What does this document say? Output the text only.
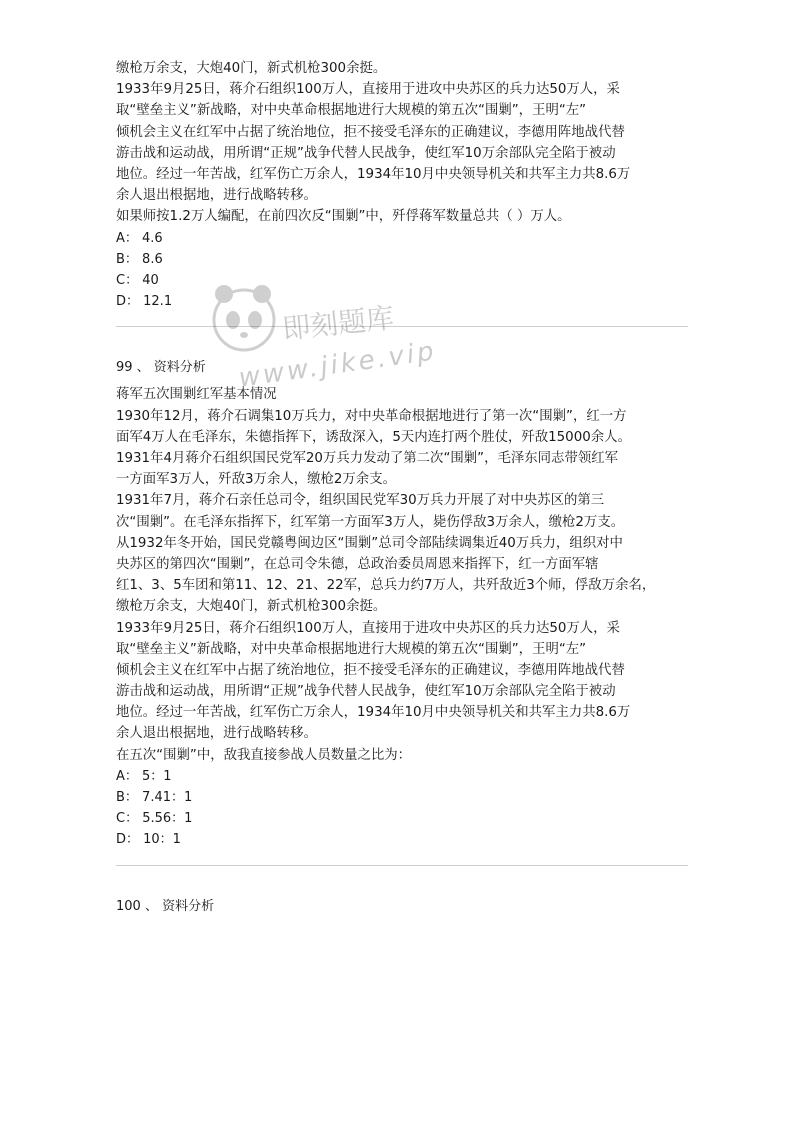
缴枪万余支，大炮40门，新式机枪300余挺。
1933年9月25日，蒋介石组织100万人，直接用于进攻中央苏区的兵力达50万人，采
取“壁垒主义”新战略，对中央革命根据地进行大规模的第五次“围剿”，王明“左”
倾机会主义在红军中占据了统治地位，拒不接受毛泽东的正确建议，李德用阵地战代替
游击战和运动战，用所谓“正规”战争代替人民战争，使红军10万余部队完全陷于被动
地位。经过一年苦战，红军伤亡万余人，1934年10月中央领导机关和共军主力共8.6万
余人退出根据地，进行战略转移。
如果师按1.2万人编配，在前四次反“围剿”中，歼俘蒋军数量总共（ ）万人。
A： 4.6
B： 8.6
C： 40
D： 12.1
99 、 资料分析
蒋军五次围剿红军基本情况
1930年12月，蒋介石调集10万兵力，对中央革命根据地进行了第一次“围剿”，红一方
面军4万人在毛泽东，朱德指挥下，诱敌深入，5天内连打两个胜仗，歼敌15000余人。
1931年4月蒋介石组织国民党军20万兵力发动了第二次“围剿”，毛泽东同志带领红军
一方面军3万人，歼敌3万余人，缴枪2万余支。
1931年7月，蒋介石亲任总司令，组织国民党军30万兵力开展了对中央苏区的第三
次“围剿”。在毛泽东指挥下，红军第一方面军3万人，毙伤俘敌3万余人，缴枪2万支。
从1932年冬开始，国民党赣粤闽边区“围剿”总司令部陆续调集近40万兵力，组织对中
央苏区的第四次“围剿”，在总司令朱德，总政治委员周恩来指挥下，红一方面军辖
红1、3、5车团和第11、12、21、22军，总兵力约7万人，共歼敌近3个师，俘敌万余名，
缴枪万余支，大炮40门，新式机枪300余挺。
1933年9月25日，蒋介石组织100万人，直接用于进攻中央苏区的兵力达50万人，采
取“壁垒主义”新战略，对中央革命根据地进行大规模的第五次“围剿”，王明“左”
倾机会主义在红军中占据了统治地位，拒不接受毛泽东的正确建议，李德用阵地战代替
游击战和运动战，用所谓“正规”战争代替人民战争，使红军10万余部队完全陷于被动
地位。经过一年苦战，红军伤亡万余人，1934年10月中央领导机关和共军主力共8.6万
余人退出根据地，进行战略转移。
在五次“围剿”中，敌我直接参战人员数量之比为：
A： 5：1
B： 7.41：1
C： 5.56：1
D： 10：1
100 、 资料分析
即刻题库
www.jike.vip
